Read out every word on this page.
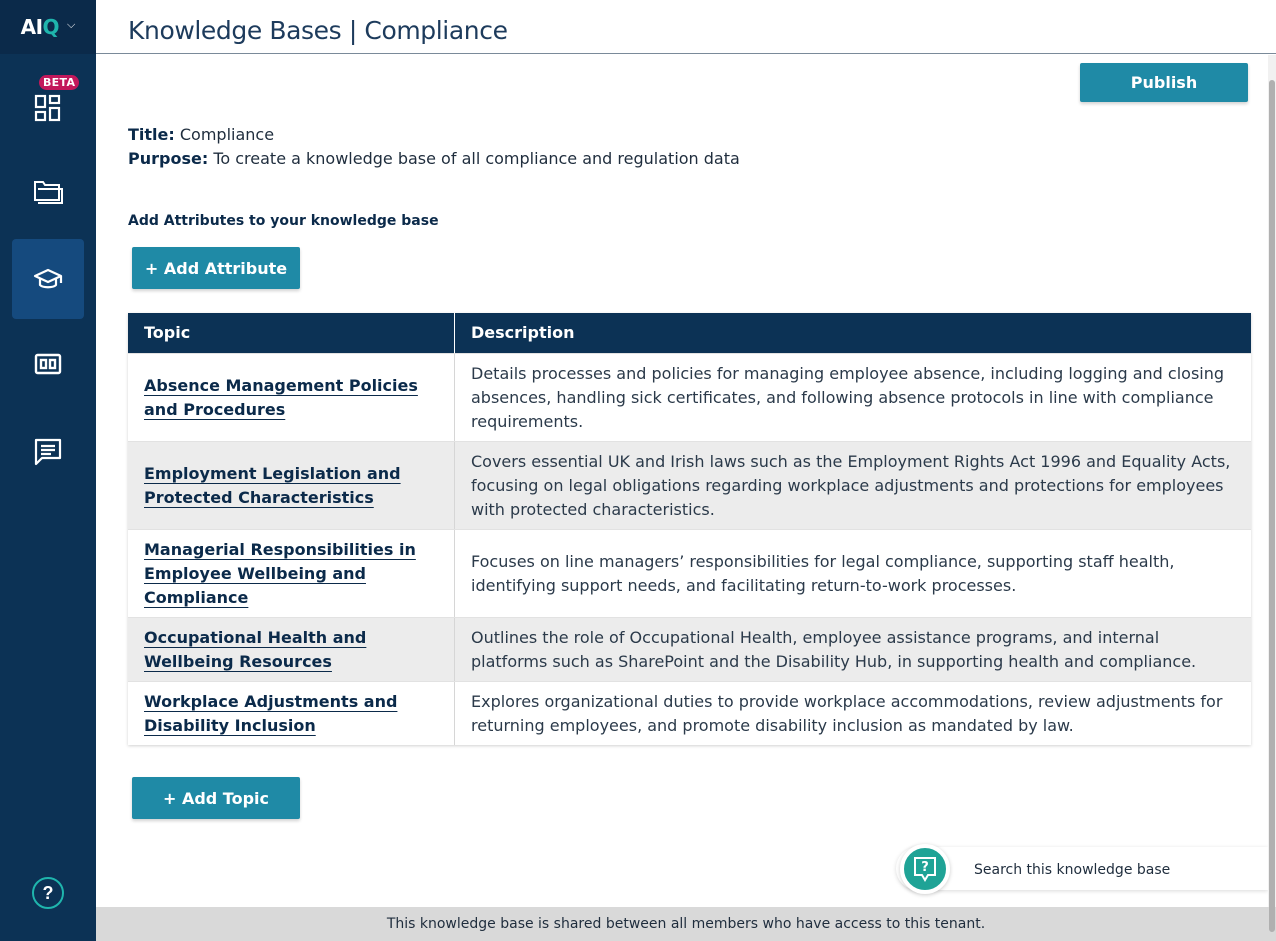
AIQ ⌵
BETA
?
Knowledge Bases | Compliance
Publish
Title: Compliance
Purpose: To create a knowledge base of all compliance and regulation data
Add Attributes to your knowledge base
+ Add Attribute
Topic	Description
Absence Management Policies and Procedures
Details processes and policies for managing employee absence, including logging and closing absences, handling sick certificates, and following absence protocols in line with compliance requirements.
Employment Legislation and Protected Characteristics
Covers essential UK and Irish laws such as the Employment Rights Act 1996 and Equality Acts, focusing on legal obligations regarding workplace adjustments and protections for employees with protected characteristics.
Managerial Responsibilities in Employee Wellbeing and Compliance
Focuses on line managers’ responsibilities for legal compliance, supporting staff health, identifying support needs, and facilitating return-to-work processes.
Occupational Health and Wellbeing Resources
Outlines the role of Occupational Health, employee assistance programs, and internal platforms such as SharePoint and the Disability Hub, in supporting health and compliance.
Workplace Adjustments and Disability Inclusion
Explores organizational duties to provide workplace accommodations, review adjustments for returning employees, and promote disability inclusion as mandated by law.
+ Add Topic
?	Search this knowledge base
This knowledge base is shared between all members who have access to this tenant.
